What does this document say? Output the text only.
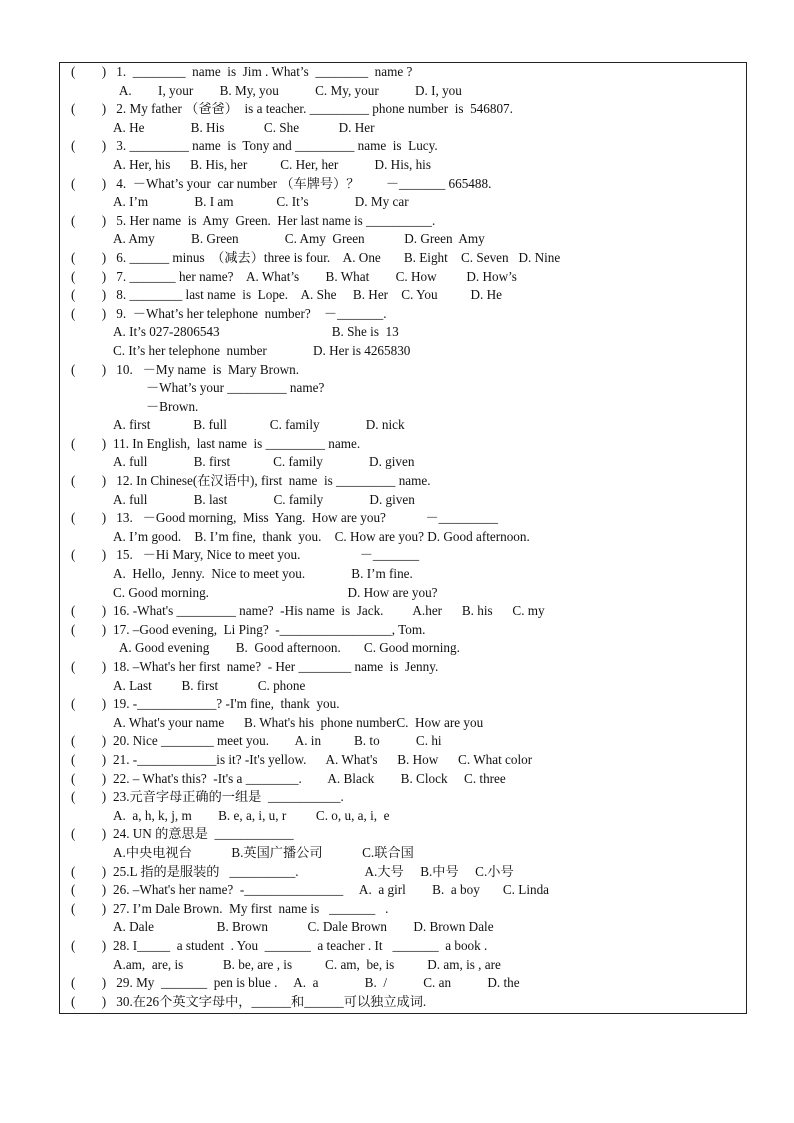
(        ) 1.  ________  name  is  Jim . What’s  ________  name ?
A.        I, your        B. My, you           C. My, your           D. I, you
(        ) 2. My father （爸爸）  is a teacher. _________ phone number  is  546807.
A. He              B. His            C. She            D. Her
(        ) 3. _________ name  is  Tony and _________ name  is  Lucy.
A. Her, his      B. His, her          C. Her, her           D. His, his
(        ) 4.  －What’s your  car number （车牌号）？        －_______ 665488.
A. I’m              B. I am             C. It’s              D. My car
(        ) 5. Her name  is  Amy  Green.  Her last name is __________.
A. Amy           B. Green              C. Amy  Green            D. Green  Amy
(        ) 6. ______ minus  （减去）three is four.    A. One       B. Eight    C. Seven   D. Nine
(        ) 7. _______ her name?    A. What’s        B. What        C. How         D. How’s
(        ) 8. ________ last name  is  Lope.    A. She     B. Her    C. You          D. He
(        ) 9.  －What’s her telephone  number?    －_______.
A. It’s 027-2806543                                  B. She is  13
C. It’s her telephone  number              D. Her is 4265830
(        ) 10.   －My name  is  Mary Brown.
－What’s your _________ name?
－Brown.
A. first             B. full             C. family              D. nick
(        ) 11. In English,  last name  is _________ name.
A. full              B. first             C. family              D. given
(        ) 12. In Chinese(在汉语中), first  name  is _________ name.
A. full              B. last              C. family              D. given
(        ) 13.   －Good morning,  Miss  Yang.  How are you?            －_________
A. I’m good.    B. I’m fine,  thank  you.    C. How are you? D. Good afternoon.
(        ) 15.   －Hi Mary, Nice to meet you.                  －_______
A.  Hello,  Jenny.  Nice to meet you.              B. I’m fine.
C. Good morning.                                          D. How are you?
(        ) 16. -What's _________ name?  -His name  is  Jack.         A.her      B. his      C. my
(        ) 17. –Good evening,  Li Ping?  -_________________, Tom.
A. Good evening        B.  Good afternoon.       C. Good morning.
(        ) 18. –What's her first  name?  - Her ________ name  is  Jenny.
A. Last         B. first            C. phone
(        ) 19. -____________? -I'm fine,  thank  you.
A. What's your name      B. What's his  phone numberC.  How are you
(        ) 20. Nice ________ meet you.        A. in          B. to           C. hi
(        ) 21. -____________is it? -It's yellow.      A. What's      B. How      C. What color
(        ) 22. – What's this?  -It's a ________.        A. Black        B. Clock     C. three
(        ) 23.元音字母正确的一组是  ___________.
A.  a, h, k, j, m        B. e, a, i, u, r         C. o, u, a, i,  e
(        ) 24. UN 的意思是  ____________
A.中央电视台            B.英国广播公司            C.联合国
(        ) 25.L 指的是服装的   __________.                    A.大号     B.中号     C.小号
(        ) 26. –What's her name?  -_______________     A.  a girl        B.  a boy       C. Linda
(        ) 27. I’m Dale Brown.  My first  name is   _______   .
A. Dale                   B. Brown            C. Dale Brown        D. Brown Dale
(        ) 28. I_____  a student  . You  _______  a teacher . It   _______  a book .
A.am,  are, is            B. be, are , is          C. am,  be, is          D. am, is , are
(        ) 29. My  _______  pen is blue .     A.  a              B.  /           C. an           D. the
(        ) 30.在26个英文字母中，______和______可以独立成词.
